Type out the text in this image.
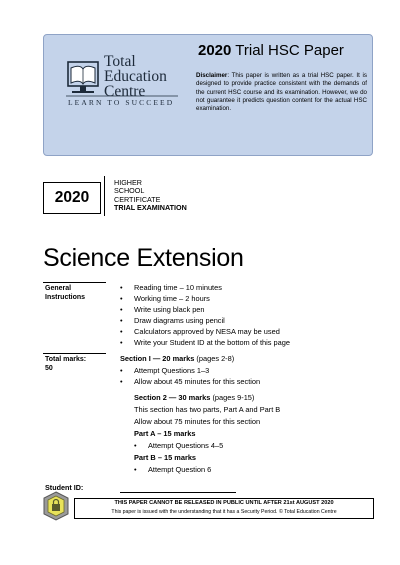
Total
Education
Centre
LEARN TO SUCCEED
2020 Trial HSC Paper
Disclaimer: This paper is written as a trial HSC paper. It is designed to provide practice consistent with the demands of the current HSC course and its examination. However, we do not guarantee it predicts question content for the actual HSC examination.
2020
HIGHER
SCHOOL
CERTIFICATE
TRIAL EXAMINATION
Science Extension
General
Instructions
• Reading time – 10 minutes
• Working time – 2 hours
• Write using black pen
• Draw diagrams using pencil
• Calculators approved by NESA may be used
• Write your Student ID at the bottom of this page
Total marks:
50
Section I — 20 marks (pages 2-8)
• Attempt Questions 1–3
• Allow about 45 minutes for this section
Section 2 — 30 marks (pages 9-15)
This section has two parts, Part A and Part B
Allow about 75 minutes for this section
Part A – 15 marks
• Attempt Questions 4–5
Part B – 15 marks
• Attempt Question 6
Student ID:
THIS PAPER CANNOT BE RELEASED IN PUBLIC UNTIL AFTER 21st AUGUST 2020
This paper is issued with the understanding that it has a Security Period. © Total Education Centre
